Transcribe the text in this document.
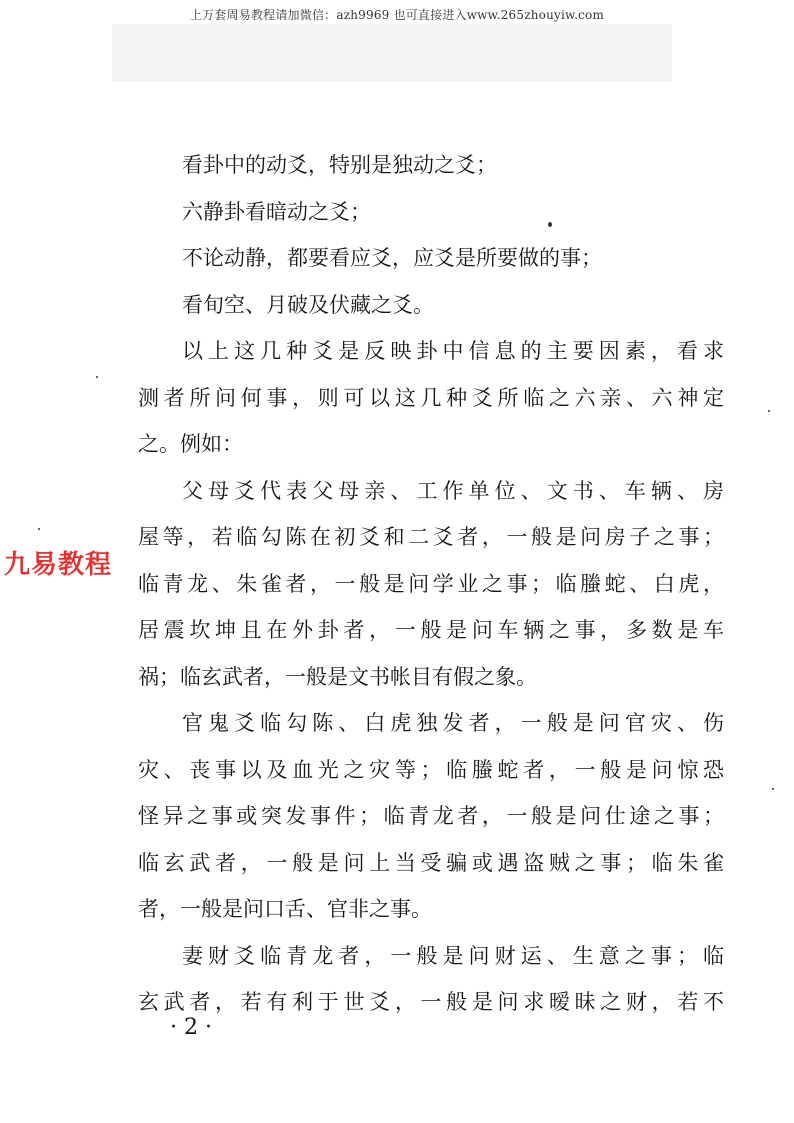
上万套周易教程请加微信：azh9969 也可直接进入www.265zhouyiw.com
看卦中的动爻，特别是独动之爻；
六静卦看暗动之爻；
不论动静，都要看应爻，应爻是所要做的事；
看旬空、月破及伏藏之爻。
以上这几种爻是反映卦中信息的主要因素，看求
测者所问何事，则可以这几种爻所临之六亲、六神定
之。例如：
父母爻代表父母亲、工作单位、文书、车辆、房
屋等，若临勾陈在初爻和二爻者，一般是问房子之事；
临青龙、朱雀者，一般是问学业之事；临螣蛇、白虎，
居震坎坤且在外卦者，一般是问车辆之事，多数是车
祸；临玄武者，一般是文书帐目有假之象。
官鬼爻临勾陈、白虎独发者，一般是问官灾、伤
灾、丧事以及血光之灾等；临螣蛇者，一般是问惊恐
怪异之事或突发事件；临青龙者，一般是问仕途之事；
临玄武者，一般是问上当受骗或遇盗贼之事；临朱雀
者，一般是问口舌、官非之事。
妻财爻临青龙者，一般是问财运、生意之事；临
玄武者，若有利于世爻，一般是问求暧昧之财，若不
· 2 ·
九易教程
